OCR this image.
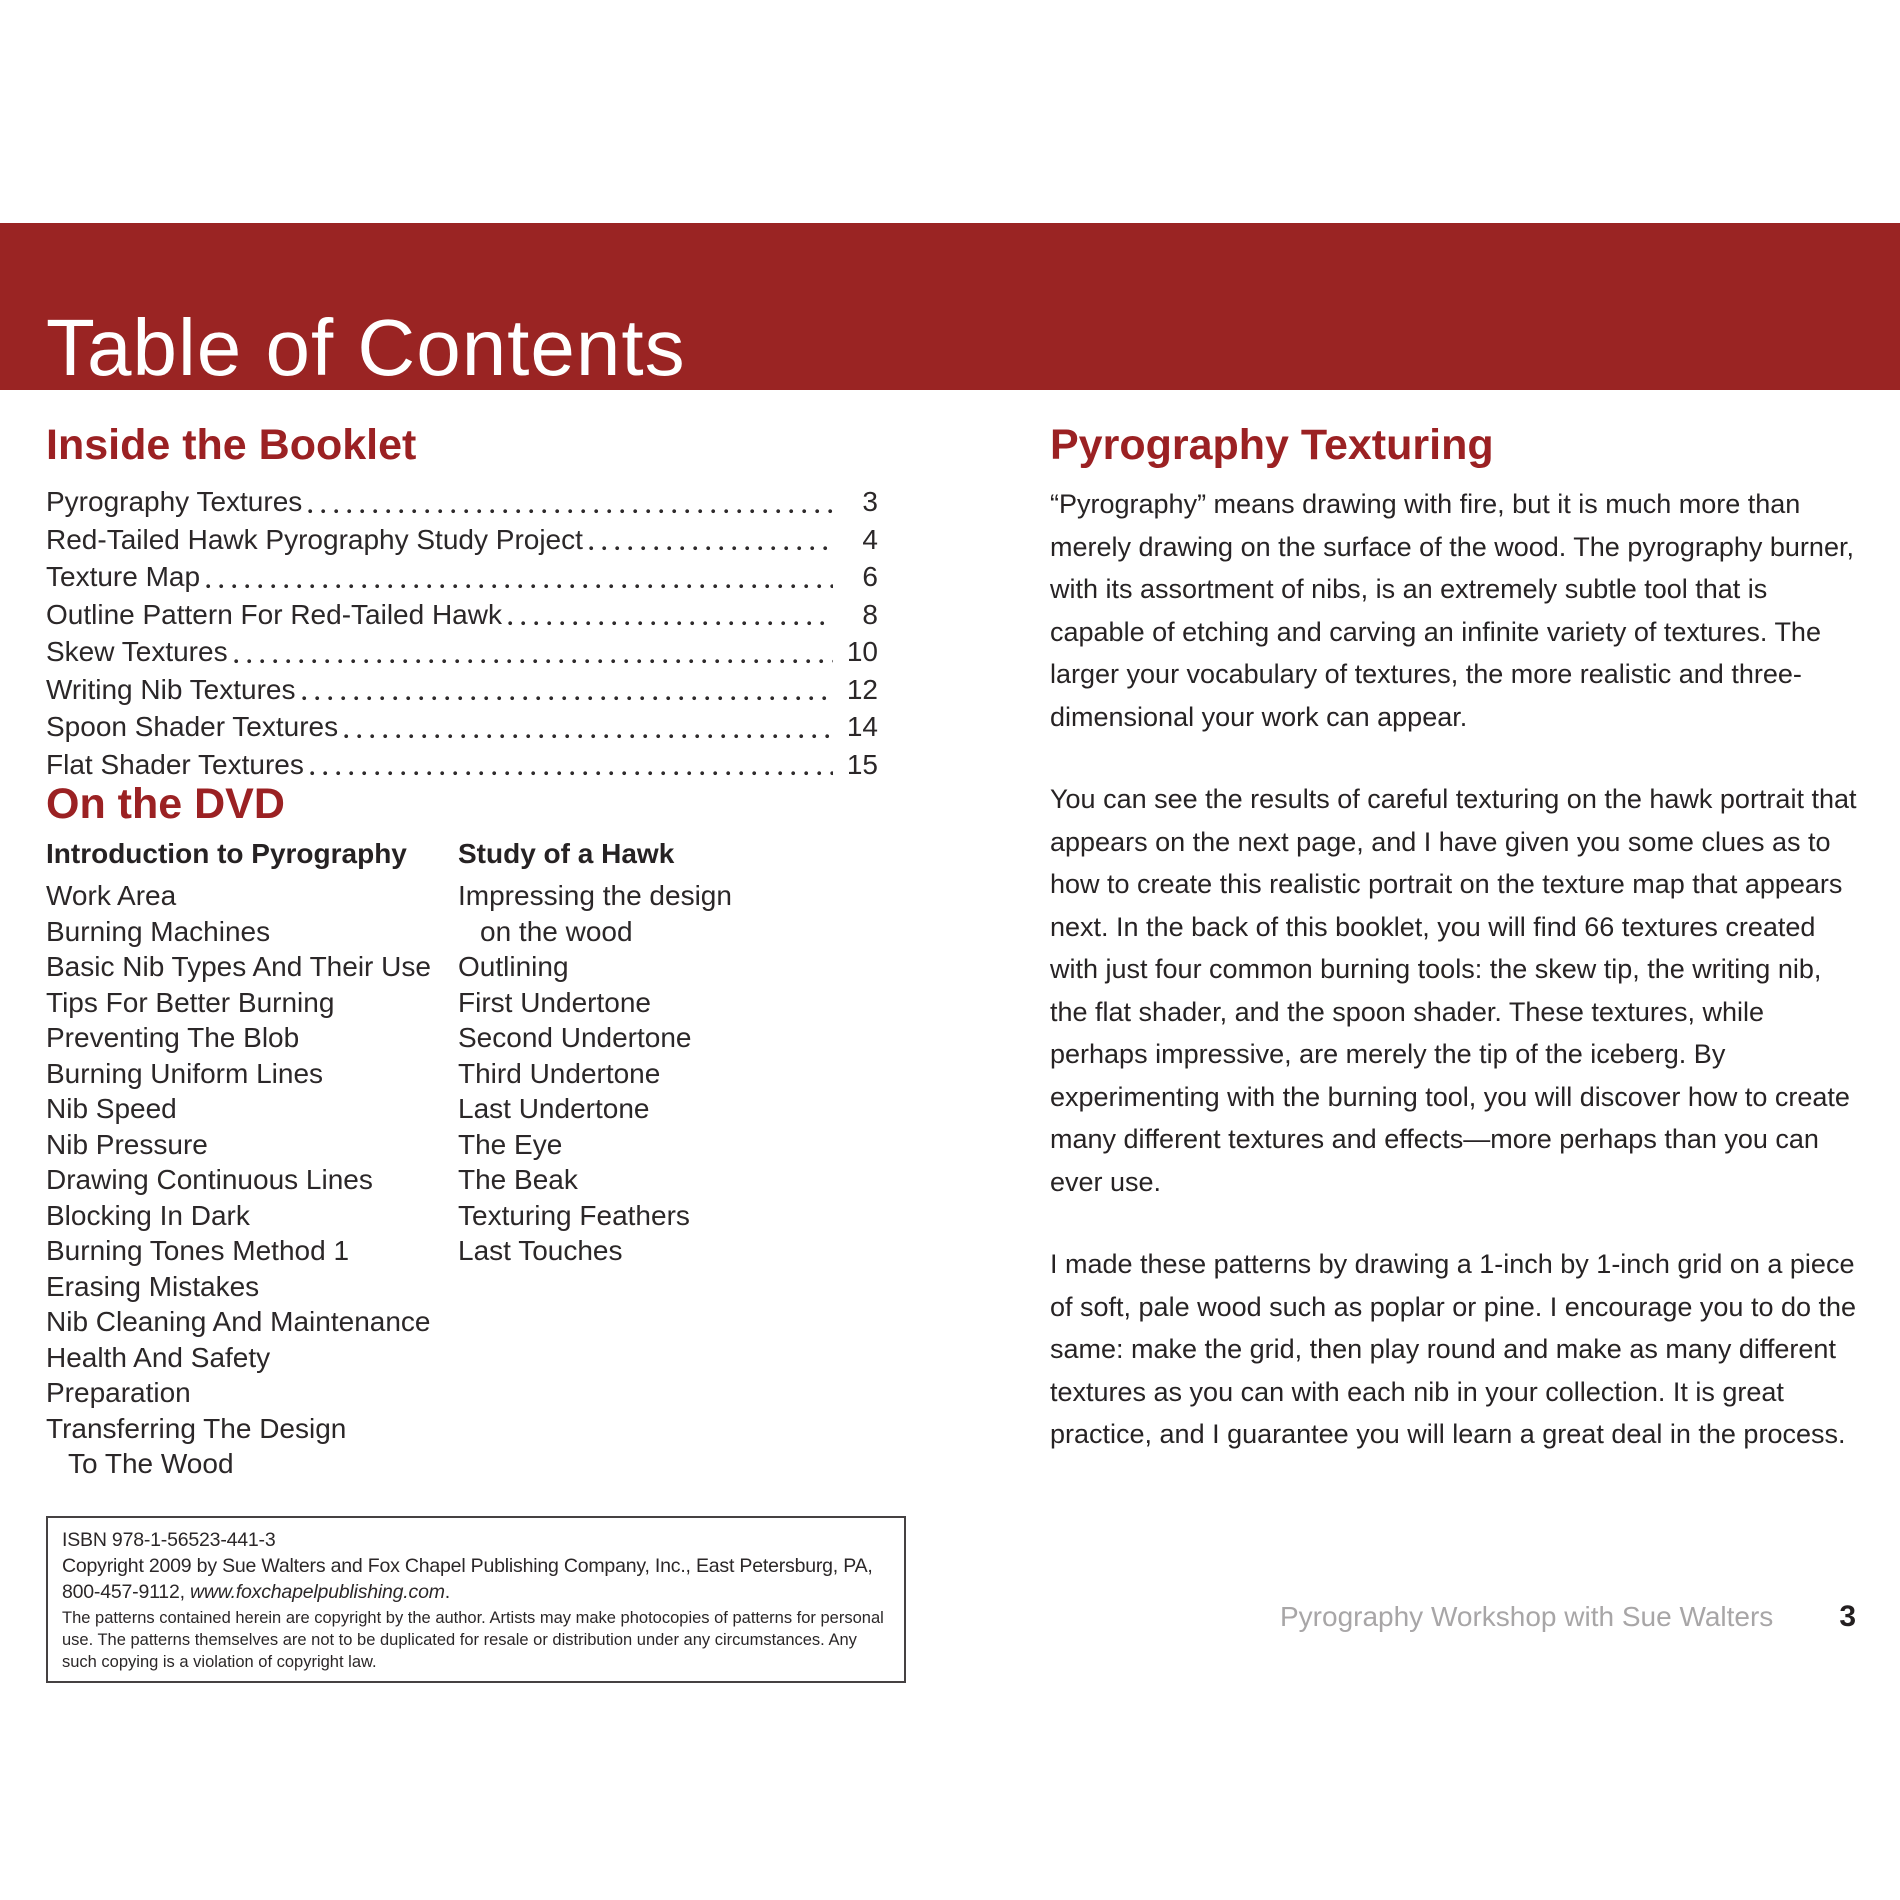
Table of Contents
Inside the Booklet
Pyrography Textures	3
Red-Tailed Hawk Pyrography Study Project	4
Texture Map	6
Outline Pattern For Red-Tailed Hawk	8
Skew Textures	10
Writing Nib Textures	12
Spoon Shader Textures	14
Flat Shader Textures	15
On the DVD
Introduction to Pyrography
Work Area
Burning Machines
Basic Nib Types And Their Use
Tips For Better Burning
Preventing The Blob
Burning Uniform Lines
Nib Speed
Nib Pressure
Drawing Continuous Lines
Blocking In Dark
Burning Tones Method 1
Erasing Mistakes
Nib Cleaning And Maintenance
Health And Safety
Preparation
Transferring The Design
To The Wood
Study of a Hawk
Impressing the design
on the wood
Outlining
First Undertone
Second Undertone
Third Undertone
Last Undertone
The Eye
The Beak
Texturing Feathers
Last Touches
ISBN 978-1-56523-441-3
Copyright 2009 by Sue Walters and Fox Chapel Publishing Company, Inc., East Petersburg, PA,
800-457-9112, www.foxchapelpublishing.com.
The patterns contained herein are copyright by the author. Artists may make photocopies of patterns for personal use. The patterns themselves are not to be duplicated for resale or distribution under any circumstances. Any such copying is a violation of copyright law.
Pyrography Texturing

“Pyrography” means drawing with fire, but it is much more than merely drawing on the surface of the wood. The pyrography burner, with its assortment of nibs, is an extremely subtle tool that is capable of etching and carving an infinite variety of textures. The larger your vocabulary of textures, the more realistic and three-dimensional your work can appear.

You can see the results of careful texturing on the hawk portrait that appears on the next page, and I have given you some clues as to how to create this realistic portrait on the texture map that appears next. In the back of this booklet, you will find 66 textures created with just four common burning tools: the skew tip, the writing nib, the flat shader, and the spoon shader. These textures, while perhaps impressive, are merely the tip of the iceberg. By experimenting with the burning tool, you will discover how to create many different textures and effects—more perhaps than you can ever use.

I made these patterns by drawing a 1-inch by 1-inch grid on a piece of soft, pale wood such as poplar or pine. I encourage you to do the same: make the grid, then play round and make as many different textures as you can with each nib in your collection. It is great practice, and I guarantee you will learn a great deal in the process.

Pyrography Workshop with Sue Walters 3
